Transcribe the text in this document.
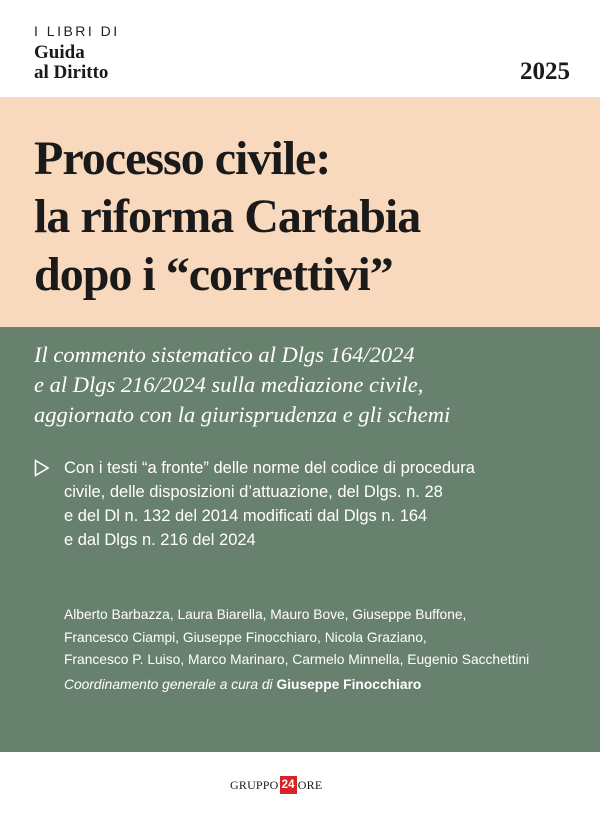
I LIBRI DI
Guida
al Diritto	2025
Processo civile:
la riforma Cartabia
dopo i “correttivi”
Il commento sistematico al Dlgs 164/2024
e al Dlgs 216/2024 sulla mediazione civile,
aggiornato con la giurisprudenza e gli schemi
Con i testi “a fronte” delle norme del codice di procedura
civile, delle disposizioni d’attuazione, del Dlgs. n. 28
e del Dl n. 132 del 2014 modificati dal Dlgs n. 164
e dal Dlgs n. 216 del 2024
Alberto Barbazza, Laura Biarella, Mauro Bove, Giuseppe Buffone,
Francesco Ciampi, Giuseppe Finocchiaro, Nicola Graziano,
Francesco P. Luiso, Marco Marinaro, Carmelo Minnella, Eugenio Sacchettini
Coordinamento generale a cura di Giuseppe Finocchiaro
GRUPPO 24 ORE
